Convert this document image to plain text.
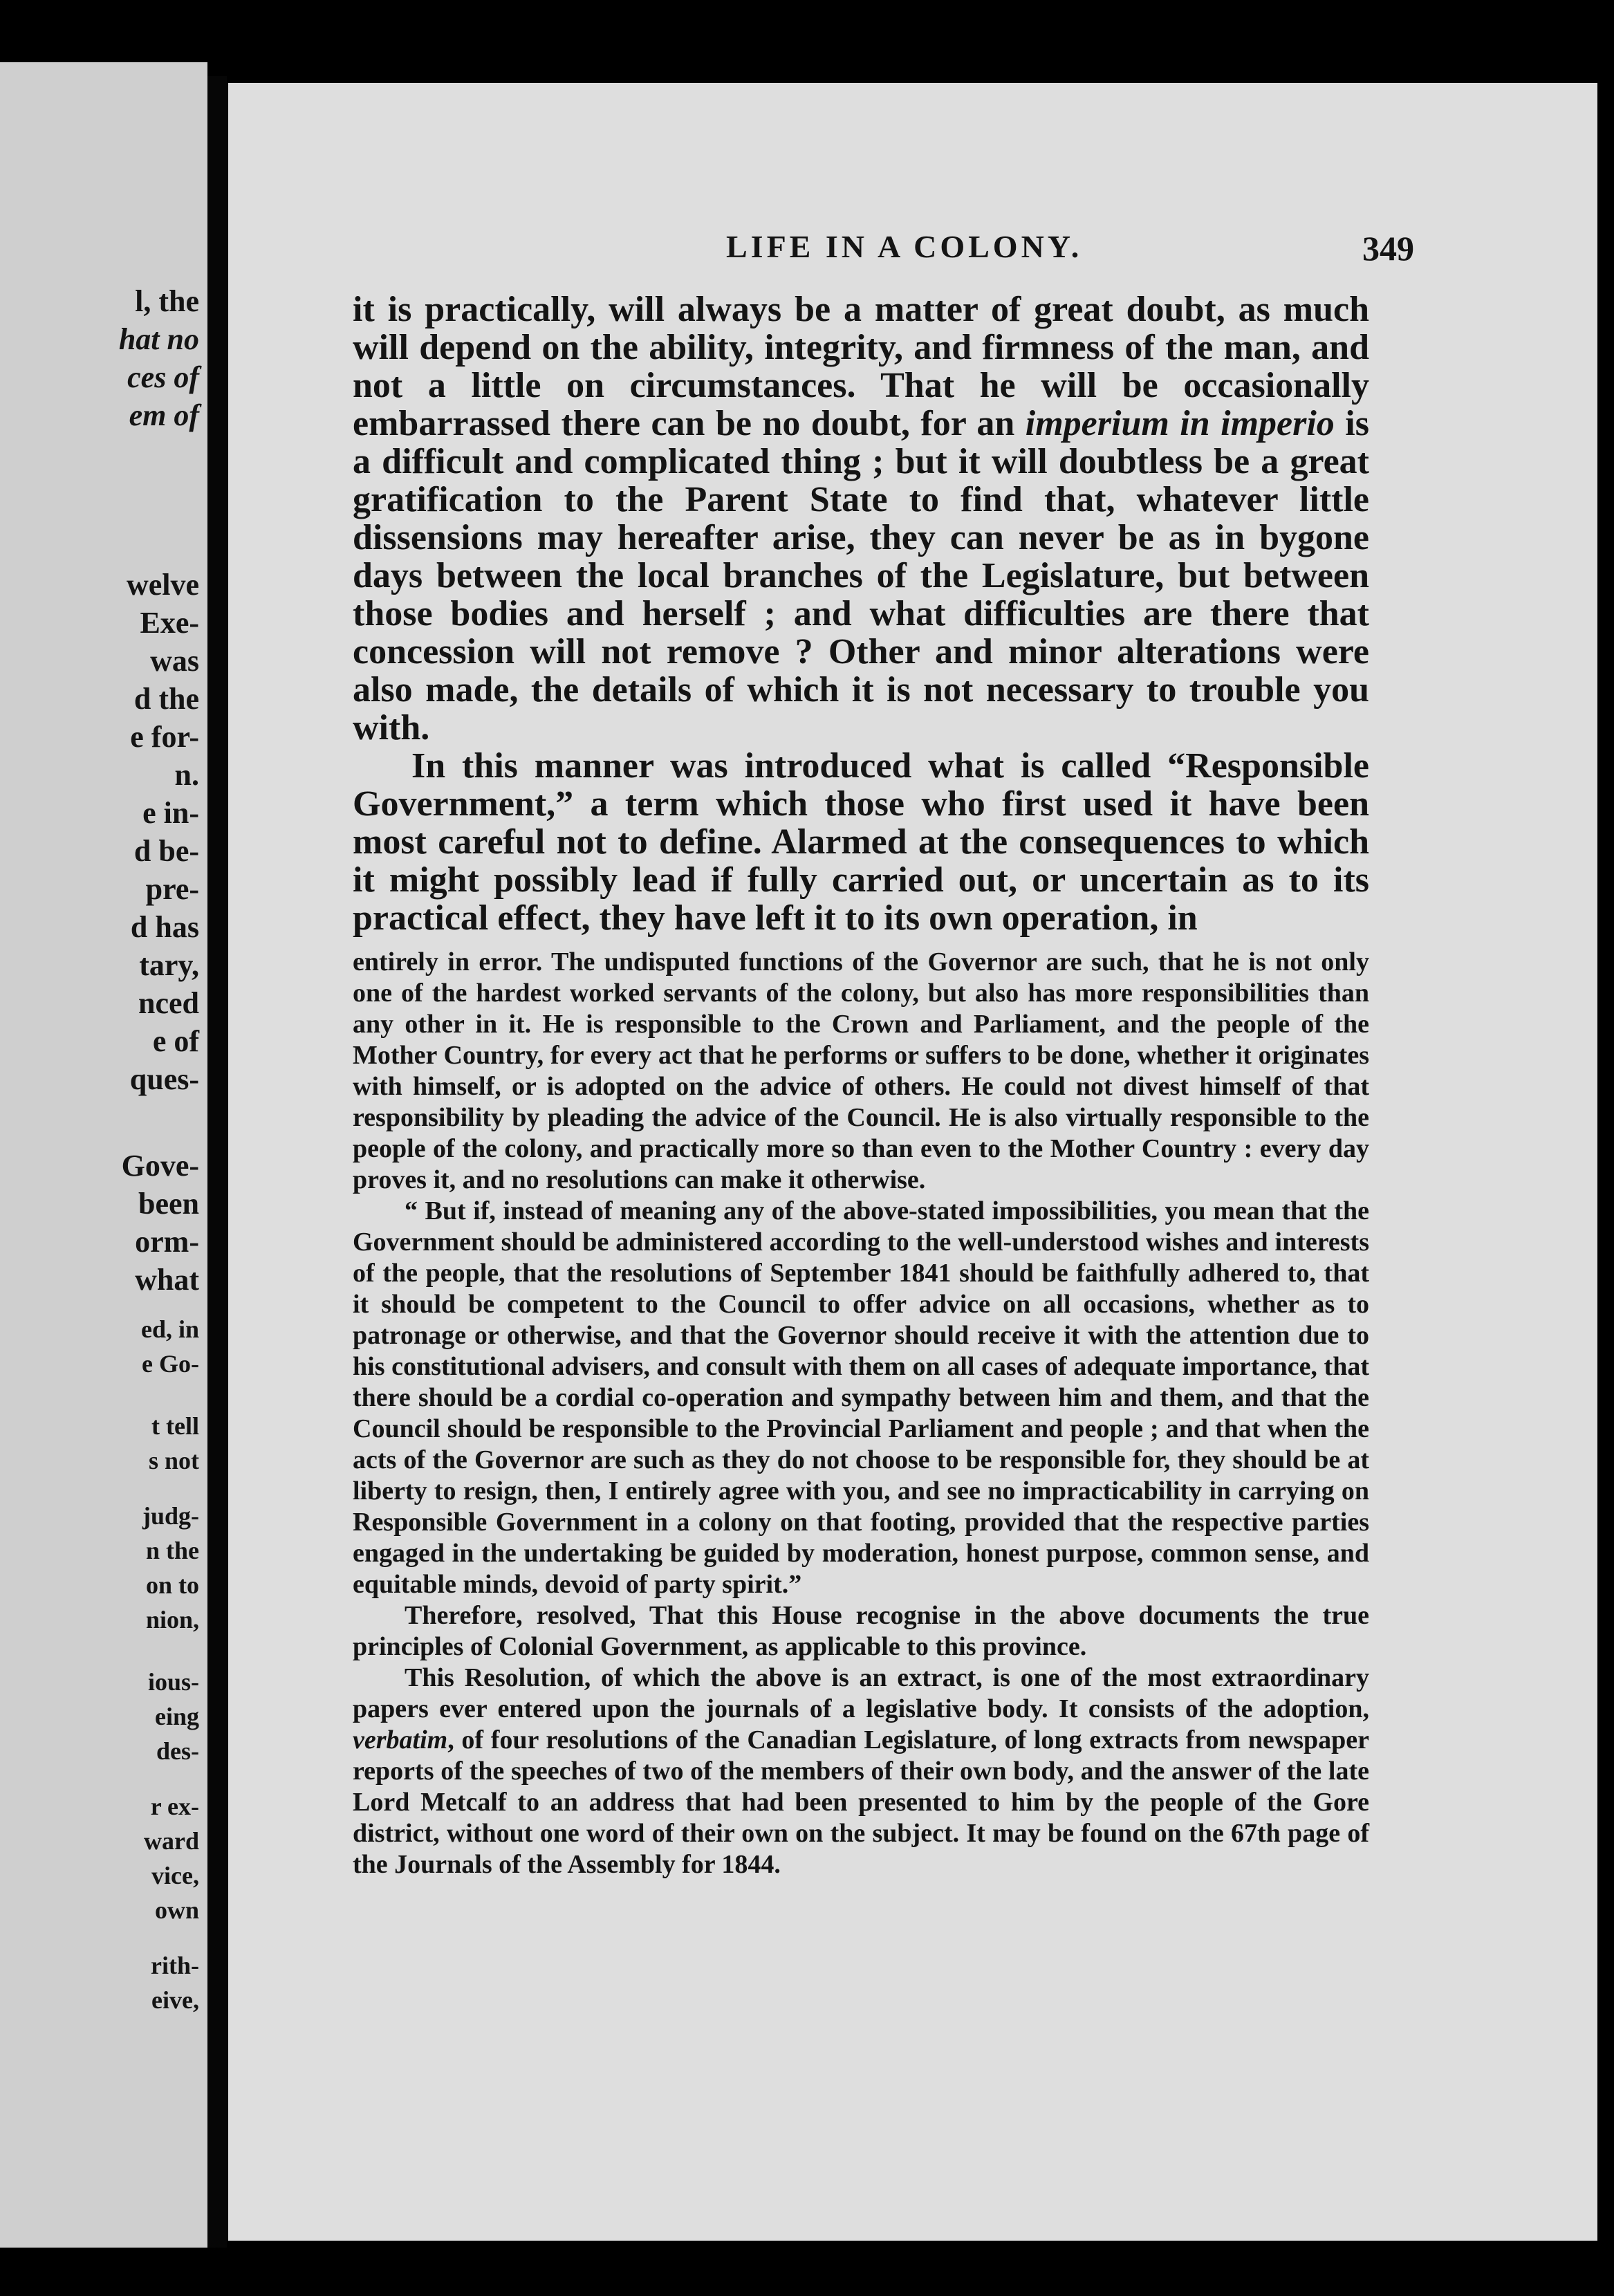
l, the
hat no
ces of
em of
welve
Exe-
was
d the
e for-
n.
e in-
d be-
pre-
d has
tary,
nced
e of
ques-
Gove-
been
orm-
what
ed, in
e Go-
t tell
s not
judg-
n the
on to
nion,
ious-
eing
des-
r ex-
ward
vice,
own
rith-
eive,
LIFE IN A COLONY.	349

it is practically, will always be a matter of great doubt, as much will depend on the ability, integrity, and firmness of the man, and not a little on circumstances. That he will be occasionally embarrassed there can be no doubt, for an imperium in imperio is a difficult and complicated thing ; but it will doubtless be a great gratification to the Parent State to find that, whatever little dissensions may hereafter arise, they can never be as in bygone days between the local branches of the Legislature, but between those bodies and herself ; and what difficulties are there that concession will not remove ? Other and minor alterations were also made, the details of which it is not necessary to trouble you with.

In this manner was introduced what is called “Responsible Government,” a term which those who first used it have been most careful not to define. Alarmed at the consequences to which it might possibly lead if fully carried out, or uncertain as to its practical effect, they have left it to its own operation, in

entirely in error. The undisputed functions of the Governor are such, that he is not only one of the hardest worked servants of the colony, but also has more responsibilities than any other in it. He is responsible to the Crown and Parliament, and the people of the Mother Country, for every act that he performs or suffers to be done, whether it originates with himself, or is adopted on the advice of others. He could not divest himself of that responsibility by pleading the advice of the Council. He is also virtually responsible to the people of the colony, and practically more so than even to the Mother Country : every day proves it, and no resolutions can make it otherwise.

“ But if, instead of meaning any of the above-stated impossibilities, you mean that the Government should be administered according to the well-understood wishes and interests of the people, that the resolutions of September 1841 should be faithfully adhered to, that it should be competent to the Council to offer advice on all occasions, whether as to patronage or otherwise, and that the Governor should receive it with the attention due to his constitutional advisers, and consult with them on all cases of adequate importance, that there should be a cordial co-operation and sympathy between him and them, and that the Council should be responsible to the Provincial Parliament and people ; and that when the acts of the Governor are such as they do not choose to be responsible for, they should be at liberty to resign, then, I entirely agree with you, and see no impracticability in carrying on Responsible Government in a colony on that footing, provided that the respective parties engaged in the undertaking be guided by moderation, honest purpose, common sense, and equitable minds, devoid of party spirit.”

Therefore, resolved, That this House recognise in the above documents the true principles of Colonial Government, as applicable to this province.

This Resolution, of which the above is an extract, is one of the most extraordinary papers ever entered upon the journals of a legislative body. It consists of the adoption, verbatim, of four resolutions of the Canadian Legislature, of long extracts from newspaper reports of the speeches of two of the members of their own body, and the answer of the late Lord Metcalf to an address that had been presented to him by the people of the Gore district, without one word of their own on the subject. It may be found on the 67th page of the Journals of the Assembly for 1844.
